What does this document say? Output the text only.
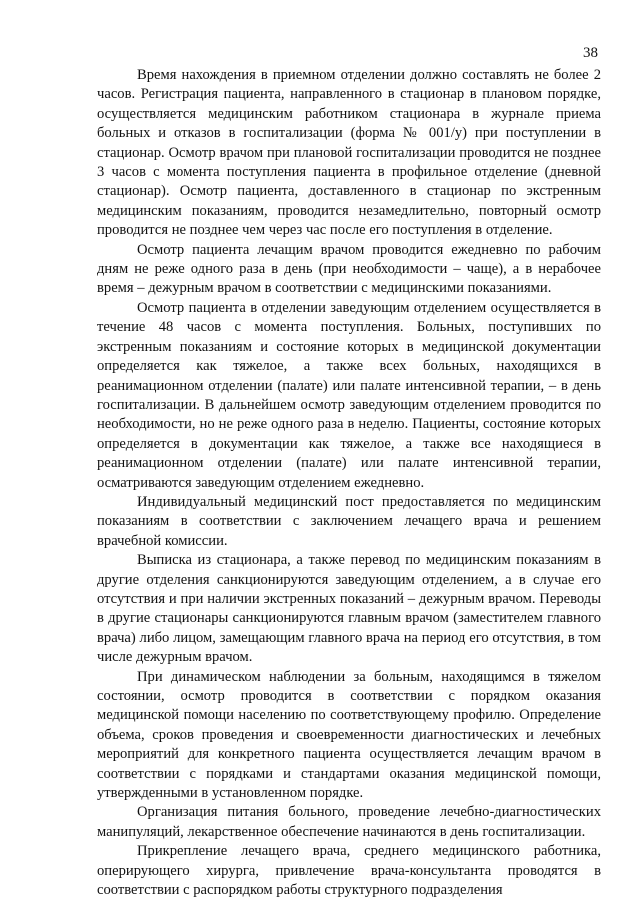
38

Время нахождения в приемном отделении должно составлять не более 2 часов. Регистрация пациента, направленного в стационар в плановом порядке, осуществляется медицинским работником стационара в журнале приема больных и отказов в госпитализации (форма № 001/у) при поступлении в стационар. Осмотр врачом при плановой госпитализации проводится не позднее 3 часов с момента поступления пациента в профильное отделение (дневной стационар). Осмотр пациента, доставленного в стационар по экстренным медицинским показаниям, проводится незамедлительно, повторный осмотр проводится не позднее чем через час после его поступления в отделение.

Осмотр пациента лечащим врачом проводится ежедневно по рабочим дням не реже одного раза в день (при необходимости – чаще), а в нерабочее время – дежурным врачом в соответствии с медицинскими показаниями.

Осмотр пациента в отделении заведующим отделением осуществляется в течение 48 часов с момента поступления. Больных, поступивших по экстренным показаниям и состояние которых в медицинской документации определяется как тяжелое, а также всех больных, находящихся в реанимационном отделении (палате) или палате интенсивной терапии, – в день госпитализации. В дальнейшем осмотр заведующим отделением проводится по необходимости, но не реже одного раза в неделю. Пациенты, состояние которых определяется в документации как тяжелое, а также все находящиеся в реанимационном отделении (палате) или палате интенсивной терапии, осматриваются заведующим отделением ежедневно.

Индивидуальный медицинский пост предоставляется по медицинским показаниям в соответствии с заключением лечащего врача и решением врачебной комиссии.

Выписка из стационара, а также перевод по медицинским показаниям в другие отделения санкционируются заведующим отделением, а в случае его отсутствия и при наличии экстренных показаний – дежурным врачом. Переводы в другие стационары санкционируются главным врачом (заместителем главного врача) либо лицом, замещающим главного врача на период его отсутствия, в том числе дежурным врачом.

При динамическом наблюдении за больным, находящимся в тяжелом состоянии, осмотр проводится в соответствии с порядком оказания медицинской помощи населению по соответствующему профилю. Определение объема, сроков проведения и своевременности диагностических и лечебных мероприятий для конкретного пациента осуществляется лечащим врачом в соответствии с порядками и стандартами оказания медицинской помощи, утвержденными в установленном порядке.

Организация питания больного, проведение лечебно-диагностических манипуляций, лекарственное обеспечение начинаются в день госпитализации.

Прикрепление лечащего врача, среднего медицинского работника, оперирующего хирурга, привлечение врача-консультанта проводятся в соответствии с распорядком работы структурного подразделения
